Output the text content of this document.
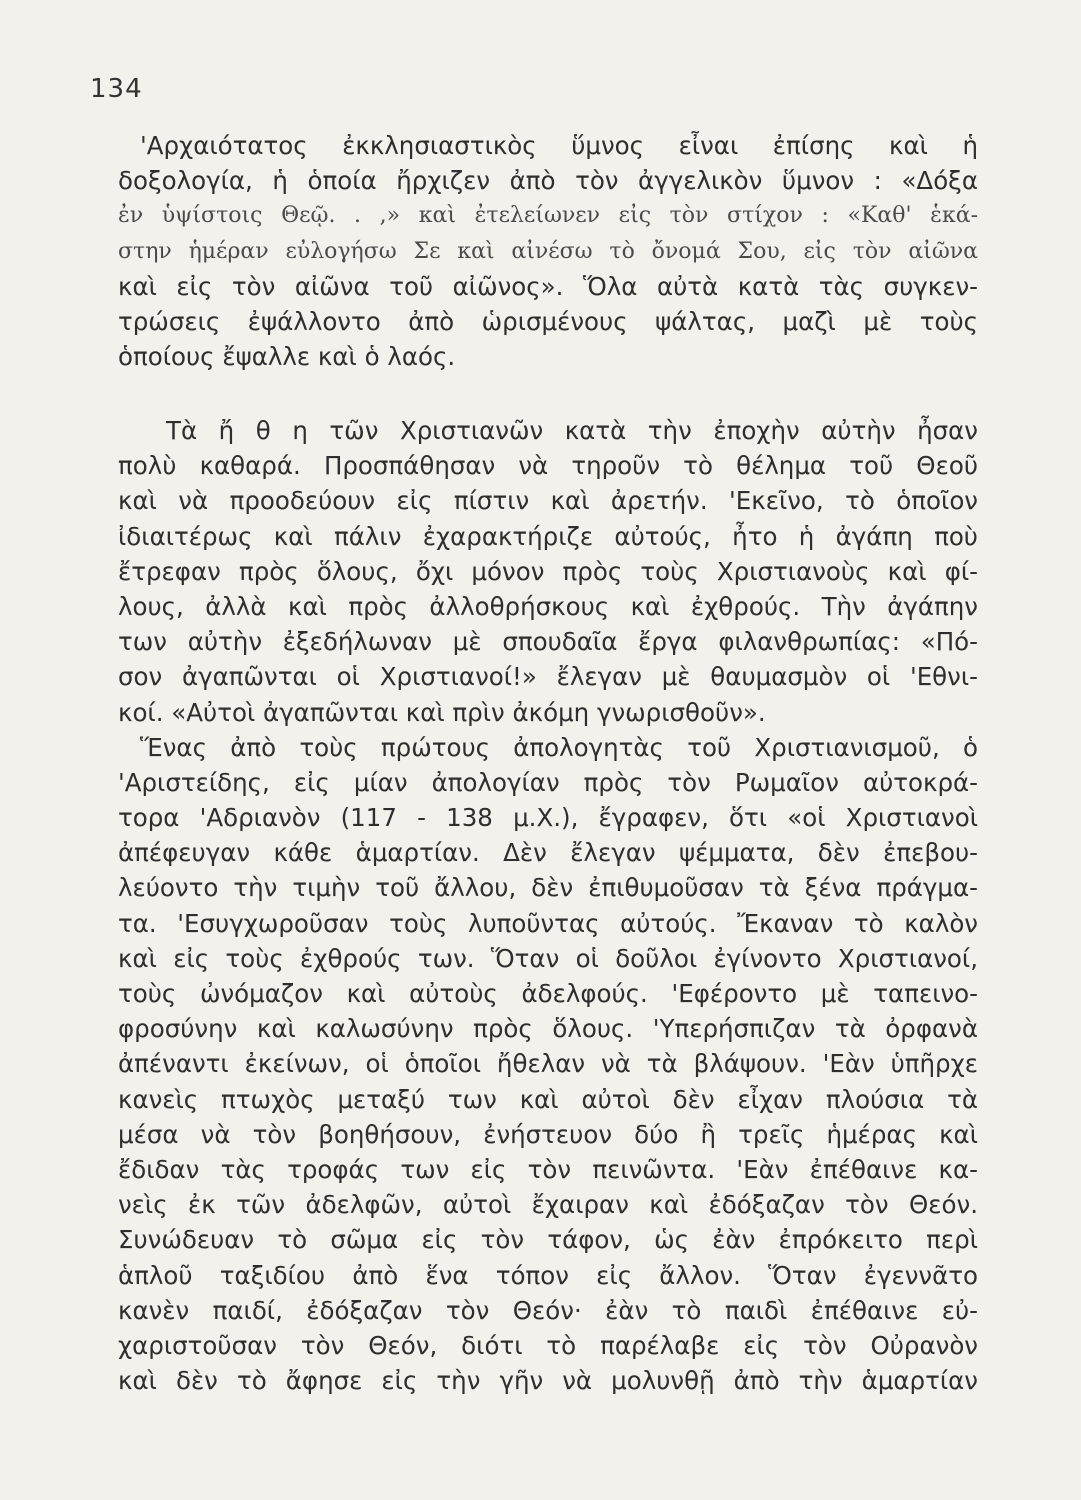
134
'Αρχαιότατος ἐκκλησιαστικὸς ὕμνος εἶναι ἐπίσης καὶ ἡ
δοξολογία, ἡ ὁποία ἤρχιζεν ἀπὸ τὸν ἀγγελικὸν ὕμνον : «Δόξα
ἐν ὑψίστοις Θεῷ. . ,» καὶ ἐτελείωνεν εἰς τὸν στίχον : «Καθ' ἑκά-
στην ἡμέραν εὐλογήσω Σε καὶ αἰνέσω τὸ ὄνομά Σου, εἰς τὸν αἰῶνα
καὶ εἰς τὸν αἰῶνα τοῦ αἰῶνος». Ὅλα αὐτὰ κατὰ τὰς συγκεν-
τρώσεις ἐψάλλοντο ἀπὸ ὡρισμένους ψάλτας, μαζὶ μὲ τοὺς
ὁποίους ἔψαλλε καὶ ὁ λαός.
Τὰ ἤ θ η τῶν Χριστιανῶν κατὰ τὴν ἐποχὴν αὐτὴν ἦσαν
πολὺ καθαρά. Προσπάθησαν νὰ τηροῦν τὸ θέλημα τοῦ Θεοῦ
καὶ νὰ προοδεύουν εἰς πίστιν καὶ ἀρετήν. 'Εκεῖνο, τὸ ὁποῖον
ἰδιαιτέρως καὶ πάλιν ἐχαρακτήριζε αὐτούς, ἦτο ἡ ἀγάπη ποὺ
ἔτρεφαν πρὸς ὅλους, ὄχι μόνον πρὸς τοὺς Χριστιανοὺς καὶ φί-
λους, ἀλλὰ καὶ πρὸς ἀλλοθρήσκους καὶ ἐχθρούς. Τὴν ἀγάπην
των αὐτὴν ἐξεδήλωναν μὲ σπουδαῖα ἔργα φιλανθρωπίας: «Πό-
σον ἀγαπῶνται οἱ Χριστιανοί!» ἔλεγαν μὲ θαυμασμὸν οἱ 'Εθνι-
κοί. «Αὐτοὶ ἀγαπῶνται καὶ πρὶν ἀκόμη γνωρισθοῦν».
Ἕνας ἀπὸ τοὺς πρώτους ἀπολογητὰς τοῦ Χριστιανισμοῦ, ὁ
'Αριστείδης, εἰς μίαν ἀπολογίαν πρὸς τὸν Ρωμαῖον αὐτοκρά-
τορα 'Αδριανὸν (117 - 138 μ.Χ.), ἔγραφεν, ὅτι «οἱ Χριστιανοὶ
ἀπέφευγαν κάθε ἁμαρτίαν. Δὲν ἔλεγαν ψέμματα, δὲν ἐπεβου-
λεύοντο τὴν τιμὴν τοῦ ἄλλου, δὲν ἐπιθυμοῦσαν τὰ ξένα πράγμα-
τα. 'Εσυγχωροῦσαν τοὺς λυποῦντας αὐτούς. Ἔκαναν τὸ καλὸν
καὶ εἰς τοὺς ἐχθρούς των. Ὅταν οἱ δοῦλοι ἐγίνοντο Χριστιανοί,
τοὺς ὠνόμαζον καὶ αὐτοὺς ἀδελφούς. 'Εφέροντο μὲ ταπεινο-
φροσύνην καὶ καλωσύνην πρὸς ὅλους. 'Υπερήσπιζαν τὰ ὀρφανὰ
ἀπέναντι ἐκείνων, οἱ ὁποῖοι ἤθελαν νὰ τὰ βλάψουν. 'Εὰν ὑπῆρχε
κανεὶς πτωχὸς μεταξύ των καὶ αὐτοὶ δὲν εἶχαν πλούσια τὰ
μέσα νὰ τὸν βοηθήσουν, ἐνήστευον δύο ἢ τρεῖς ἡμέρας καὶ
ἔδιδαν τὰς τροφάς των εἰς τὸν πεινῶντα. 'Εὰν ἐπέθαινε κα-
νεὶς ἐκ τῶν ἀδελφῶν, αὐτοὶ ἔχαιραν καὶ ἐδόξαζαν τὸν Θεόν.
Συνώδευαν τὸ σῶμα εἰς τὸν τάφον, ὡς ἐὰν ἐπρόκειτο περὶ
ἁπλοῦ ταξιδίου ἀπὸ ἕνα τόπον εἰς ἄλλον. Ὅταν ἐγεννᾶτο
κανὲν παιδί, ἐδόξαζαν τὸν Θεόν· ἐὰν τὸ παιδὶ ἐπέθαινε εὐ-
χαριστοῦσαν τὸν Θεόν, διότι τὸ παρέλαβε εἰς τὸν Οὐρανὸν
καὶ δὲν τὸ ἄφησε εἰς τὴν γῆν νὰ μολυνθῇ ἀπὸ τὴν ἁμαρτίαν
